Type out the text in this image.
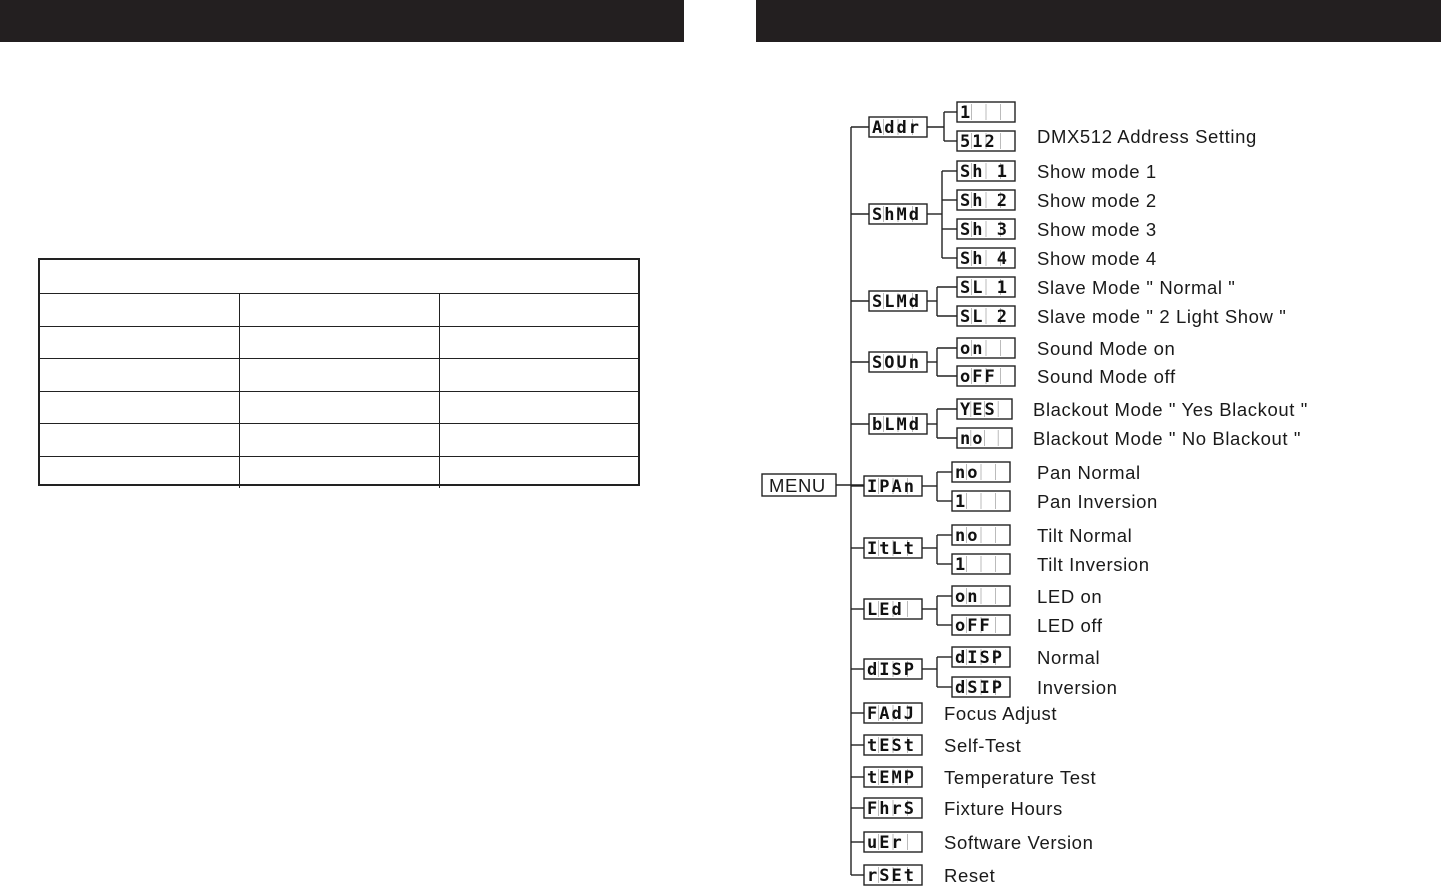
MENU
Addr
1
512 DMX512 Address Setting
ShMd
Sh 1 Show mode 1
Sh 2 Show mode 2
Sh 3 Show mode 3
Sh 4 Show mode 4
SLMd
SL 1 Slave Mode " Normal "
SL 2 Slave mode " 2 Light Show "
SOUn
on	Sound Mode on
oFF Sound Mode off
bLMd
YES Blackout Mode " Yes Blackout "
no	Blackout Mode " No Blackout "
IPAn
no	Pan Normal
1	Pan Inversion
ItLt
no	Tilt Normal
1	Tilt Inversion
LEd
on	LED on
oFF LED off
dISP
dISP Normal
dSIP Inversion
FAdJ Focus Adjust
tESt Self-Test
tEMP Temperature Test
FhrS Fixture Hours
uEr Software Version
rSEt Reset
